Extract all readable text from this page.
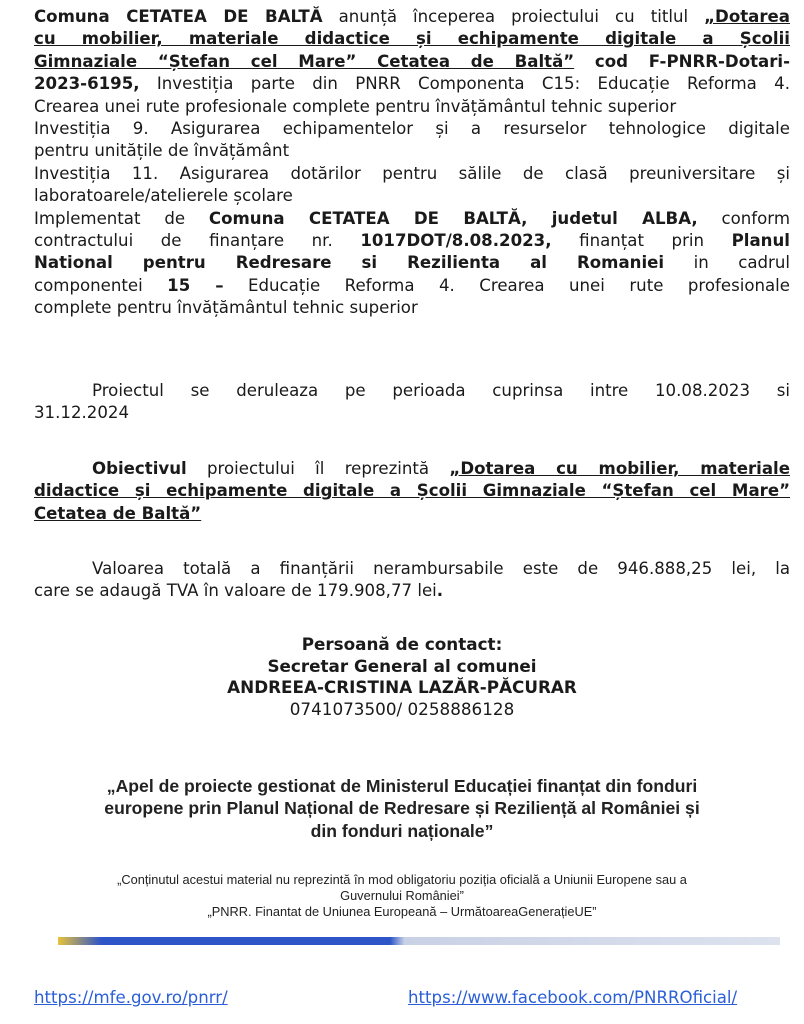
Comuna CETATEA DE BALTĂ anunță începerea proiectului cu titlul „Dotarea
cu mobilier, materiale didactice și echipamente digitale a Școlii
Gimnaziale “Ștefan cel Mare” Cetatea de Baltă” cod F-PNRR-Dotari-
2023-6195, Investiția parte din PNRR Componenta C15: Educație Reforma 4.
Crearea unei rute profesionale complete pentru învățământul tehnic superior
Investiția 9. Asigurarea echipamentelor și a resurselor tehnologice digitale
pentru unitățile de învățământ
Investiția 11. Asigurarea dotărilor pentru sălile de clasă preuniversitare și
laboratoarele/atelierele școlare
Implementat de Comuna CETATEA DE BALTĂ, judetul ALBA, conform
contractului de finanțare nr. 1017DOT/8.08.2023, finanțat prin Planul
National pentru Redresare si Rezilienta al Romaniei in cadrul
componentei 15 – Educație Reforma 4. Crearea unei rute profesionale
complete pentru învățământul tehnic superior
Proiectul se deruleaza pe perioada cuprinsa intre 10.08.2023 si
31.12.2024
Obiectivul proiectului îl reprezintă „Dotarea cu mobilier, materiale
didactice și echipamente digitale a Școlii Gimnaziale “Ștefan cel Mare”
Cetatea de Baltă”
Valoarea totală a finanțării nerambursabile este de 946.888,25 lei, la
care se adaugă TVA în valoare de 179.908,77 lei.
Persoană de contact:
Secretar General al comunei
ANDREEA-CRISTINA LAZĂR-PĂCURAR
0741073500/ 0258886128
„Apel de proiecte gestionat de Ministerul Educației finanțat din fonduri
europene prin Planul Național de Redresare și Reziliență al României și
din fonduri naționale”
„Conținutul acestui material nu reprezintă în mod obligatoriu poziția oficială a Uniunii Europene sau a
Guvernului României”
„PNRR. Finantat de Uniunea Europeană – UrmătoareaGenerațieUE”
https://mfe.gov.ro/pnrr/	https://www.facebook.com/PNRROficial/
